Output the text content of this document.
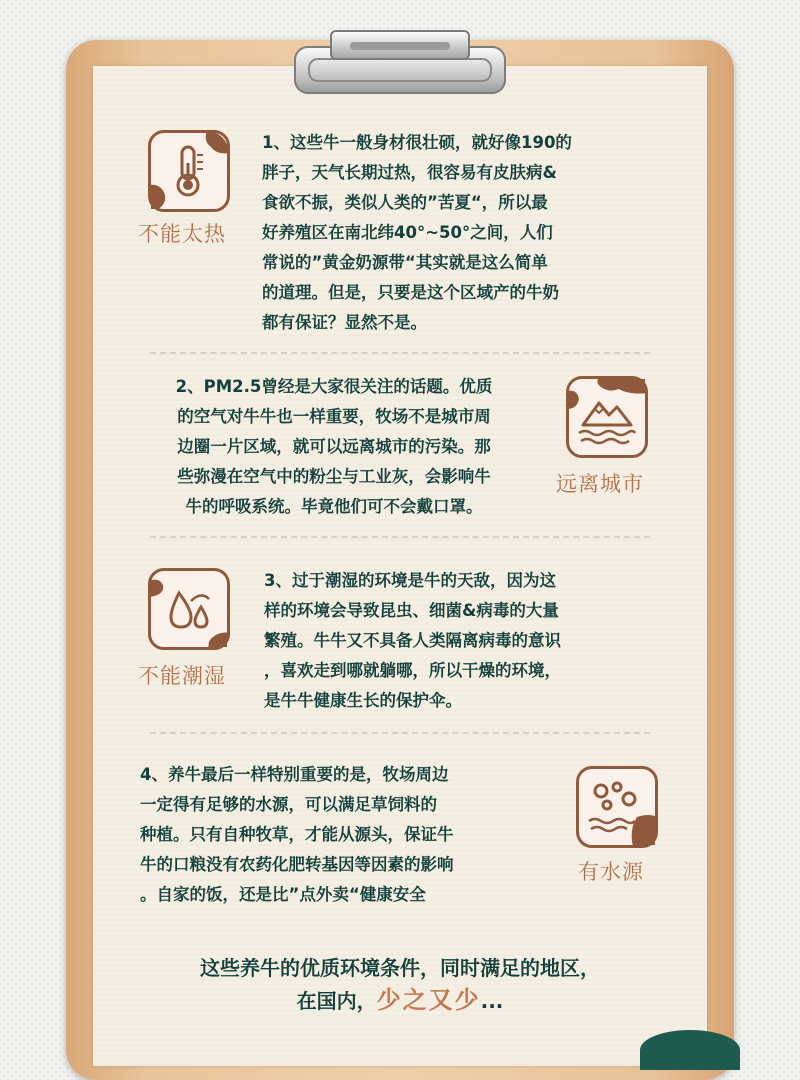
不能太热

1、这些牛一般身材很壮硕，就好像190的
胖子，天气长期过热，很容易有皮肤病&
食欲不振，类似人类的”苦夏“，所以最
好养殖区在南北纬40°~50°之间，人们
常说的”黄金奶源带“其实就是这么简单
的道理。但是，只要是这个区域产的牛奶
都有保证？显然不是。

2、PM2.5曾经是大家很关注的话题。优质
的空气对牛牛也一样重要，牧场不是城市周
边圈一片区域，就可以远离城市的污染。那
些弥漫在空气中的粉尘与工业灰，会影响牛
牛的呼吸系统。毕竟他们可不会戴口罩。

远离城市
不能潮湿

3、过于潮湿的环境是牛的天敌，因为这
样的环境会导致昆虫、细菌&病毒的大量
繁殖。牛牛又不具备人类隔离病毒的意识
，喜欢走到哪就躺哪，所以干燥的环境，
是牛牛健康生长的保护伞。

4、养牛最后一样特别重要的是，牧场周边
一定得有足够的水源，可以满足草饲料的
种植。只有自种牧草，才能从源头，保证牛
牛的口粮没有农药化肥转基因等因素的影响
。自家的饭，还是比”点外卖“健康安全

有水源
这些养牛的优质环境条件，同时满足的地区，
在国内，少之又少...
